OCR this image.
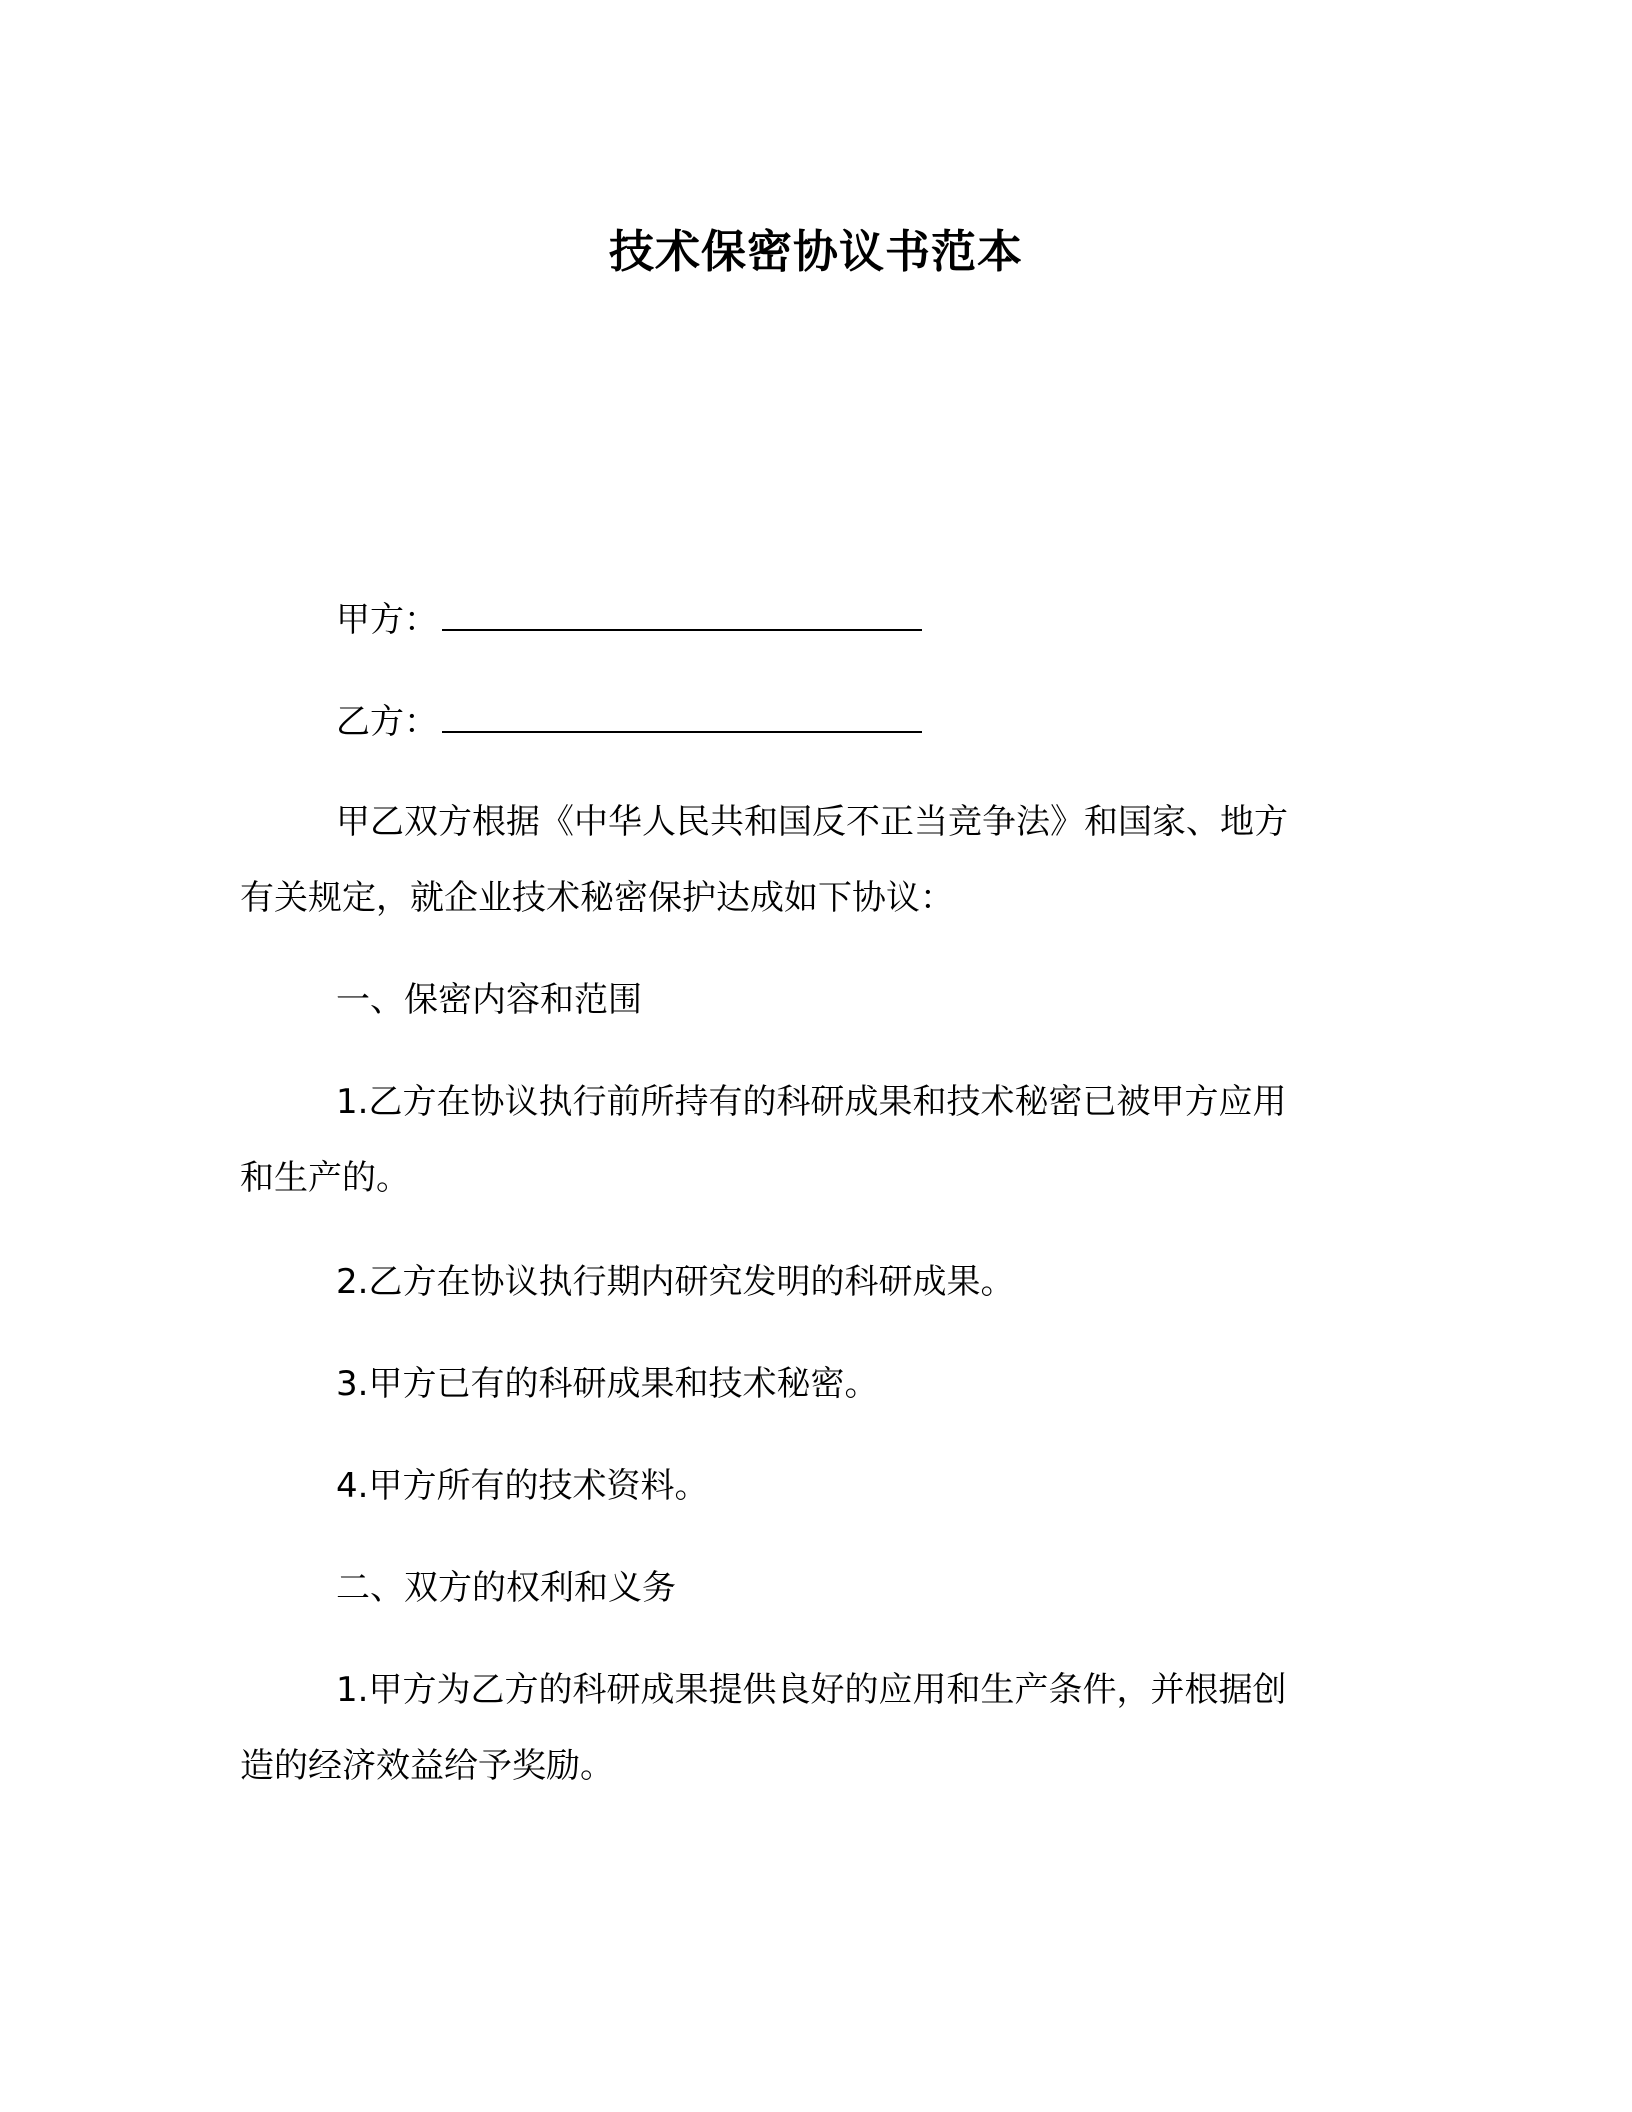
技术保密协议书范本
甲方：
乙方：
甲乙双方根据《中华人民共和国反不正当竞争法》和国家、地方
有关规定，就企业技术秘密保护达成如下协议：
一、保密内容和范围
1.乙方在协议执行前所持有的科研成果和技术秘密已被甲方应用
和生产的。
2.乙方在协议执行期内研究发明的科研成果。
3.甲方已有的科研成果和技术秘密。
4.甲方所有的技术资料。
二、双方的权利和义务
1.甲方为乙方的科研成果提供良好的应用和生产条件，并根据创
造的经济效益给予奖励。
